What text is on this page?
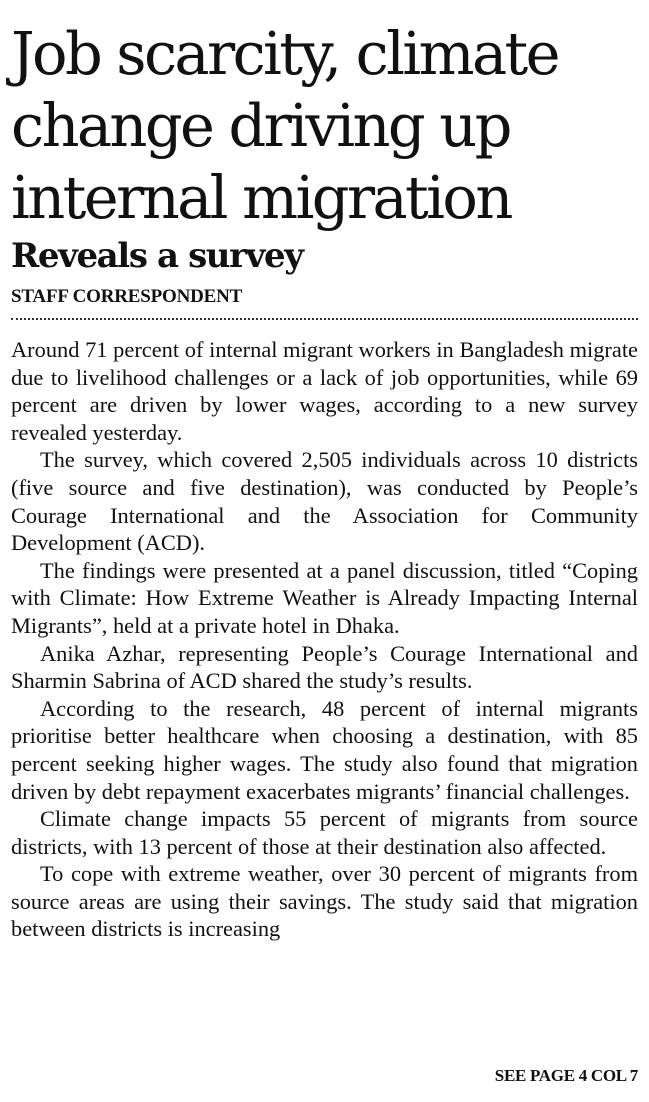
Job scarcity, climate change driving up internal migration
Reveals a survey
STAFF CORRESPONDENT

Around 71 percent of internal migrant workers in Bangladesh migrate due to livelihood challenges or a lack of job opportunities, while 69 percent are driven by lower wages, according to a new survey revealed yesterday.

The survey, which covered 2,505 individuals across 10 districts (five source and five destination), was conducted by People’s Courage International and the Association for Community Development (ACD).

The findings were presented at a panel discussion, titled “Coping with Climate: How Extreme Weather is Already Impacting Internal Migrants”, held at a private hotel in Dhaka.

Anika Azhar, representing People’s Courage International and Sharmin Sabrina of ACD shared the study’s results.

According to the research, 48 percent of internal migrants prioritise better healthcare when choosing a destination, with 85 percent seeking higher wages. The study also found that migration driven by debt repayment exacerbates migrants’ financial challenges.

Climate change impacts 55 percent of migrants from source districts, with 13 percent of those at their destination also affected.

To cope with extreme weather, over 30 percent of migrants from source areas are using their savings. The study said that migration between districts is increasing

SEE PAGE 4 COL 7
